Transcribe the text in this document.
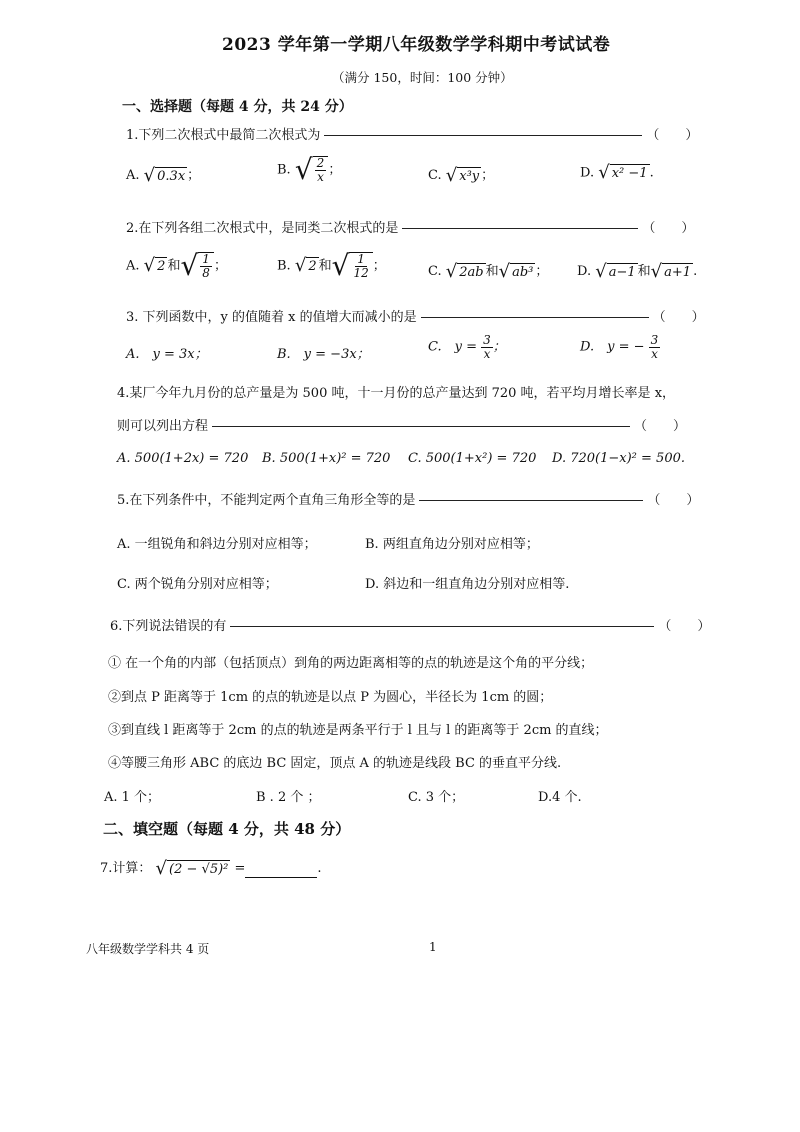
2023 学年第一学期八年级数学学科期中考试试卷
（满分 150，时间：100 分钟）
一、选择题（每题 4 分，共 24 分）
1.下列二次根式中最简二次根式为	（　　）
A. √ 0.3x ；	B. √ $\frac{2}{x}$ ；	C. √ x³y ；	D. √ x² −1 .
2.在下列各组二次根式中，是同类二次根式的是	（　　）
A. √ 2 和 √ $\frac{1}{8}$ ；	B. √ 2 和 √ $\frac{1}{12}$ ；	C. √ 2ab 和 √ ab³ ； D. √ a−1 和 √ a+1 .
3. 下列函数中，y 的值随着 x 的值增大而减小的是	（　　）
A.　y = 3x；	B.　y = −3x；	C.　$y = \frac{3}{x}$ ；	D.　y = − $\frac{3}{x}$
4.某厂今年九月份的总产量是为 500 吨，十一月份的总产量达到 720 吨，若平均月增长率是 x，
则可以列出方程	（　　）
A. 500(1+2x) = 720 B. 500(1+x)² = 720 C. 500(1+x²) = 720 D. 720(1−x)² = 500.
5.在下列条件中，不能判定两个直角三角形全等的是	（　　）
A. 一组锐角和斜边分别对应相等；	B. 两组直角边分别对应相等；
C. 两个锐角分别对应相等；	D. 斜边和一组直角边分别对应相等.
6.下列说法错误的有	（　　）
① 在一个角的内部（包括顶点）到角的两边距离相等的点的轨迹是这个角的平分线；
②到点 P 距离等于 1cm 的点的轨迹是以点 P 为圆心，半径长为 1cm 的圆；
③到直线 l 距离等于 2cm 的点的轨迹是两条平行于 l 且与 l 的距离等于 2cm 的直线；
④等腰三角形 ABC 的底边 BC 固定，顶点 A 的轨迹是线段 BC 的垂直平分线.
A. 1 个；	B . 2 个 ；	C. 3 个；	D.4 个.
二、填空题（每题 4 分，共 48 分）
7.计算： √ (2 − √5)² =	.
八年级数学学科共 4 页	1
